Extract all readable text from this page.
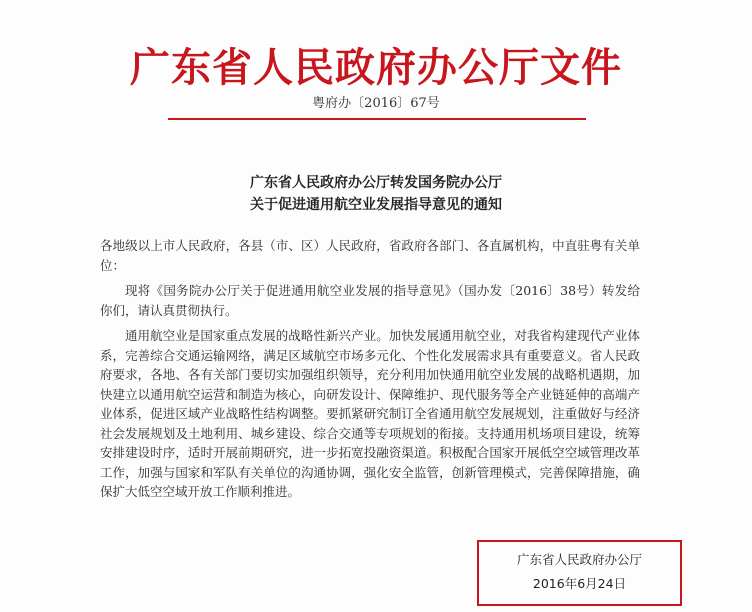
广东省人民政府办公厅文件
粤府办〔2016〕67号
广东省人民政府办公厅转发国务院办公厅
关于促进通用航空业发展指导意见的通知

各地级以上市人民政府，各县（市、区）人民政府，省政府各部门、各直属机构，中直驻粤有关单位：

现将《国务院办公厅关于促进通用航空业发展的指导意见》（国办发〔2016〕38号）转发给你们，请认真贯彻执行。

通用航空业是国家重点发展的战略性新兴产业。加快发展通用航空业，对我省构建现代产业体系，完善综合交通运输网络，满足区域航空市场多元化、个性化发展需求具有重要意义。省人民政府要求，各地、各有关部门要切实加强组织领导，充分利用加快通用航空业发展的战略机遇期，加快建立以通用航空运营和制造为核心，向研发设计、保障维护、现代服务等全产业链延伸的高端产业体系，促进区域产业战略性结构调整。要抓紧研究制订全省通用航空发展规划，注重做好与经济社会发展规划及土地利用、城乡建设、综合交通等专项规划的衔接。支持通用机场项目建设，统筹安排建设时序，适时开展前期研究，进一步拓宽投融资渠道。积极配合国家开展低空空域管理改革工作，加强与国家和军队有关单位的沟通协调，强化安全监管，创新管理模式，完善保障措施，确保扩大低空空域开放工作顺利推进。

广东省人民政府办公厅
2016年6月24日
